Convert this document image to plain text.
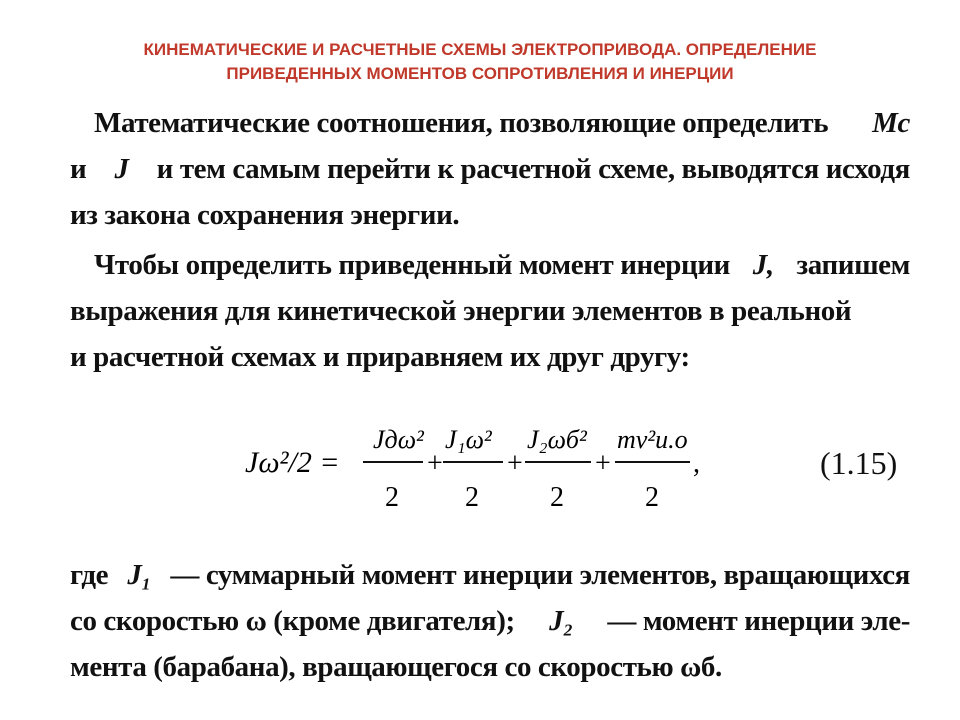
КИНЕМАТИЧЕСКИЕ И РАСЧЕТНЫЕ СХЕМЫ ЭЛЕКТРОПРИВОДА. ОПРЕДЕЛЕНИЕ
ПРИВЕДЕННЫХ МОМЕНТОВ СОПРОТИВЛЕНИЯ И ИНЕРЦИИ
Математические соотношения, позволяющие определить Mc
и J и тем самым перейти к расчетной схеме, выводятся исходя
из закона сохранения энергии.
Чтобы определить приведенный момент инерции J, запишем
выражения для кинетической энергии элементов в реальной
и расчетной схемах и приравняем их друг другу:
Jω²/2 =
Jдω²
2
+
J₁ω²
2
+
J₂ωб²
2
+
mv²и.о
2
,	(1.15)
где J₁ — суммарный момент инерции элементов, вращающихся
со скоростью ω (кроме двигателя); J₂ — момент инерции эле-
мента (барабана), вращающегося со скоростью ωб.
